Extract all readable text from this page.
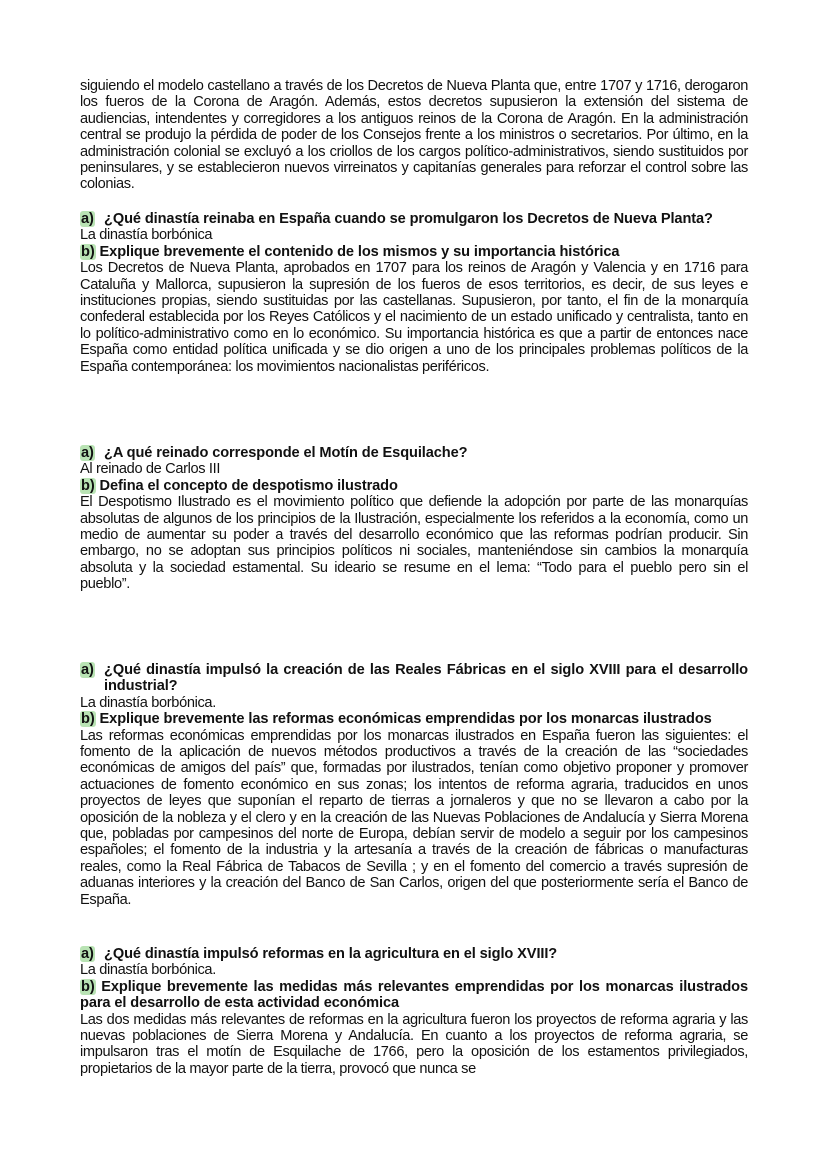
siguiendo el modelo castellano a través de los Decretos de Nueva Planta que, entre 1707 y 1716, derogaron los fueros de la Corona de Aragón. Además, estos decretos supusieron la extensión del sistema de audiencias, intendentes y corregidores a los antiguos reinos de la Corona de Aragón. En la administración central se produjo la pérdida de poder de los Consejos frente a los ministros o secretarios. Por último, en la administración colonial se excluyó a los criollos de los cargos político-administrativos, siendo sustituidos por peninsulares, y se establecieron nuevos virreinatos y capitanías generales para reforzar el control sobre las colonias.

a) ¿Qué dinastía reinaba en España cuando se promulgaron los Decretos de Nueva Planta?

La dinastía borbónica

b) Explique brevemente el contenido de los mismos y su importancia histórica

Los Decretos de Nueva Planta, aprobados en 1707 para los reinos de Aragón y Valencia y en 1716 para Cataluña y Mallorca, supusieron la supresión de los fueros de esos territorios, es decir, de sus leyes e instituciones propias, siendo sustituidas por las castellanas. Supusieron, por tanto, el fin de la monarquía confederal establecida por los Reyes Católicos y el nacimiento de un estado unificado y centralista, tanto en lo político-administrativo como en lo económico. Su importancia histórica es que a partir de entonces nace España como entidad política unificada y se dio origen a uno de los principales problemas políticos de la España contemporánea: los movimientos nacionalistas periféricos.

a) ¿A qué reinado corresponde el Motín de Esquilache?

Al reinado de Carlos III

b) Defina el concepto de despotismo ilustrado

El Despotismo Ilustrado es el movimiento político que defiende la adopción por parte de las monarquías absolutas de algunos de los principios de la Ilustración, especialmente los referidos a la economía, como un medio de aumentar su poder a través del desarrollo económico que las reformas podrían producir. Sin embargo, no se adoptan sus principios políticos ni sociales, manteniéndose sin cambios la monarquía absoluta y la sociedad estamental. Su ideario se resume en el lema: “Todo para el pueblo pero sin el pueblo”.

a) ¿Qué dinastía impulsó la creación de las Reales Fábricas en el siglo XVIII para el desarrollo industrial?

La dinastía borbónica.

b) Explique brevemente las reformas económicas emprendidas por los monarcas ilustrados

Las reformas económicas emprendidas por los monarcas ilustrados en España fueron las siguientes: el fomento de la aplicación de nuevos métodos productivos a través de la creación de las “sociedades económicas de amigos del país” que, formadas por ilustrados, tenían como objetivo proponer y promover actuaciones de fomento económico en sus zonas; los intentos de reforma agraria, traducidos en unos proyectos de leyes que suponían el reparto de tierras a jornaleros y que no se llevaron a cabo por la oposición de la nobleza y el clero y en la creación de las Nuevas Poblaciones de Andalucía y Sierra Morena que, pobladas por campesinos del norte de Europa, debían servir de modelo a seguir por los campesinos españoles; el fomento de la industria y la artesanía a través de la creación de fábricas o manufacturas reales, como la Real Fábrica de Tabacos de Sevilla ; y en el fomento del comercio a través supresión de aduanas interiores y la creación del Banco de San Carlos, origen del que posteriormente sería el Banco de España.

a) ¿Qué dinastía impulsó reformas en la agricultura en el siglo XVIII?

La dinastía borbónica.

b) Explique brevemente las medidas más relevantes emprendidas por los monarcas ilustrados para el desarrollo de esta actividad económica

Las dos medidas más relevantes de reformas en la agricultura fueron los proyectos de reforma agraria y las nuevas poblaciones de Sierra Morena y Andalucía. En cuanto a los proyectos de reforma agraria, se impulsaron tras el motín de Esquilache de 1766, pero la oposición de los estamentos privilegiados, propietarios de la mayor parte de la tierra, provocó que nunca se
